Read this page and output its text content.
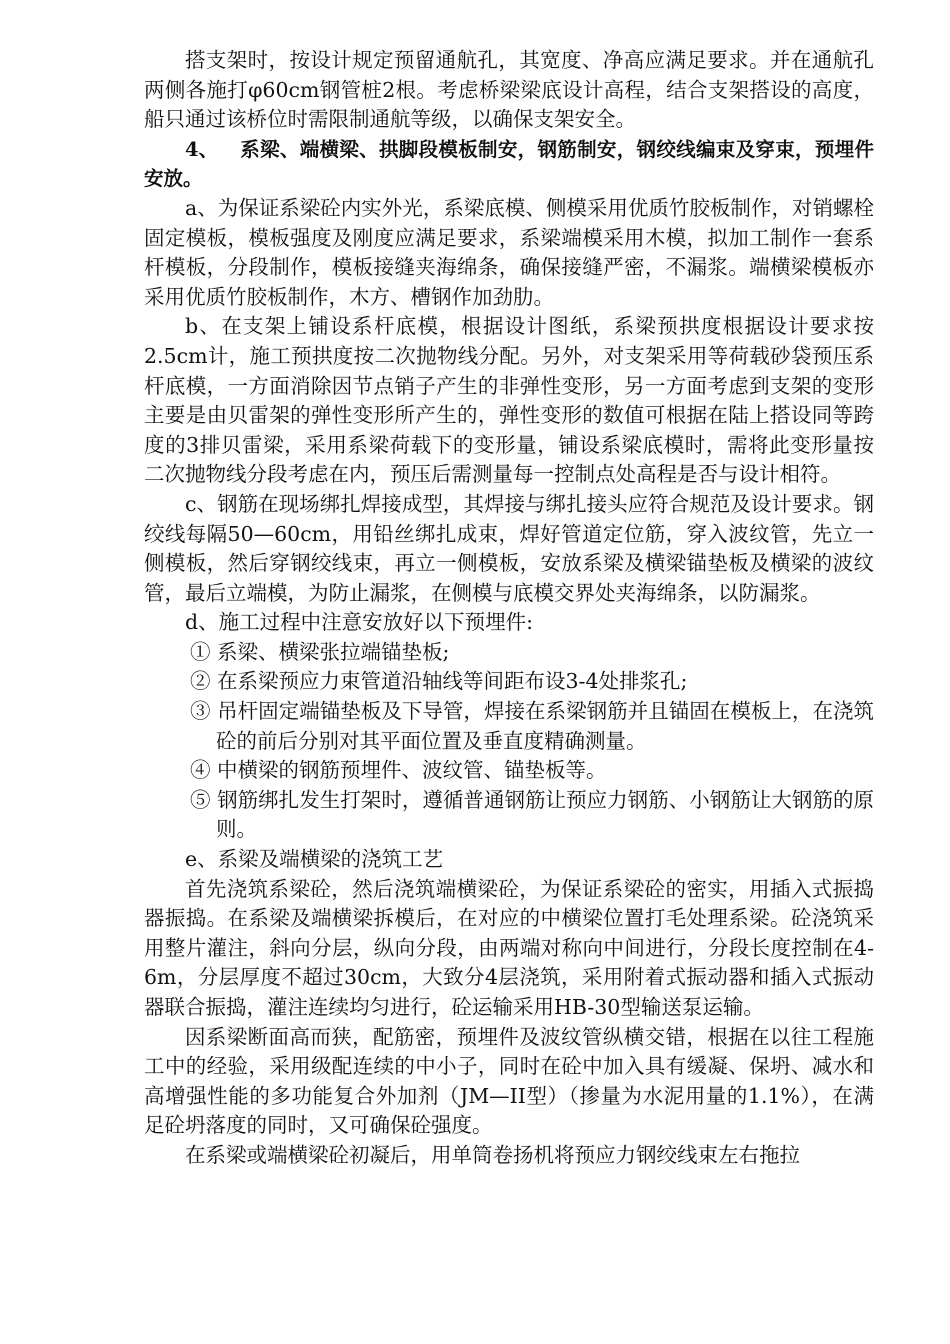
搭支架时，按设计规定预留通航孔，其宽度、净高应满足要求。并在通航孔两侧各施打φ60cm钢管桩2根。考虑桥梁梁底设计高程，结合支架搭设的高度，船只通过该桥位时需限制通航等级，以确保支架安全。

4、 系梁、端横梁、拱脚段模板制安，钢筋制安，钢绞线编束及穿束，预埋件安放。

a、为保证系梁砼内实外光，系梁底模、侧模采用优质竹胶板制作，对销螺栓固定模板，模板强度及刚度应满足要求，系梁端模采用木模，拟加工制作一套系杆模板，分段制作，模板接缝夹海绵条，确保接缝严密，不漏浆。端横梁模板亦采用优质竹胶板制作，木方、槽钢作加劲肋。

b、在支架上铺设系杆底模，根据设计图纸，系梁预拱度根据设计要求按2.5cm计，施工预拱度按二次抛物线分配。另外，对支架采用等荷载砂袋预压系杆底模，一方面消除因节点销子产生的非弹性变形，另一方面考虑到支架的变形主要是由贝雷架的弹性变形所产生的，弹性变形的数值可根据在陆上搭设同等跨度的3排贝雷梁，采用系梁荷载下的变形量，铺设系梁底模时，需将此变形量按二次抛物线分段考虑在内，预压后需测量每一控制点处高程是否与设计相符。

c、钢筋在现场绑扎焊接成型，其焊接与绑扎接头应符合规范及设计要求。钢绞线每隔50—60cm，用铅丝绑扎成束，焊好管道定位筋，穿入波纹管，先立一侧模板，然后穿钢绞线束，再立一侧模板，安放系梁及横梁锚垫板及横梁的波纹管，最后立端模，为防止漏浆，在侧模与底模交界处夹海绵条，以防漏浆。

d、施工过程中注意安放好以下预埋件:

① 系梁、横梁张拉端锚垫板;

② 在系梁预应力束管道沿轴线等间距布设3-4处排浆孔;

③ 吊杆固定端锚垫板及下导管，焊接在系梁钢筋并且锚固在模板上，在浇筑砼的前后分别对其平面位置及垂直度精确测量。

④ 中横梁的钢筋预埋件、波纹管、锚垫板等。

⑤ 钢筋绑扎发生打架时，遵循普通钢筋让预应力钢筋、小钢筋让大钢筋的原则。

e、系梁及端横梁的浇筑工艺

首先浇筑系梁砼，然后浇筑端横梁砼，为保证系梁砼的密实，用插入式振捣器振捣。在系梁及端横梁拆模后，在对应的中横梁位置打毛处理系梁。砼浇筑采用整片灌注，斜向分层，纵向分段，由两端对称向中间进行，分段长度控制在4-6m，分层厚度不超过30cm，大致分4层浇筑，采用附着式振动器和插入式振动器联合振捣，灌注连续均匀进行，砼运输采用HB-30型输送泵运输。

因系梁断面高而狭，配筋密，预埋件及波纹管纵横交错，根据在以往工程施工中的经验，采用级配连续的中小子，同时在砼中加入具有缓凝、保坍、减水和高增强性能的多功能复合外加剂（JM—II型）（掺量为水泥用量的1.1%），在满足砼坍落度的同时，又可确保砼强度。

在系梁或端横梁砼初凝后，用单筒卷扬机将预应力钢绞线束左右拖拉
